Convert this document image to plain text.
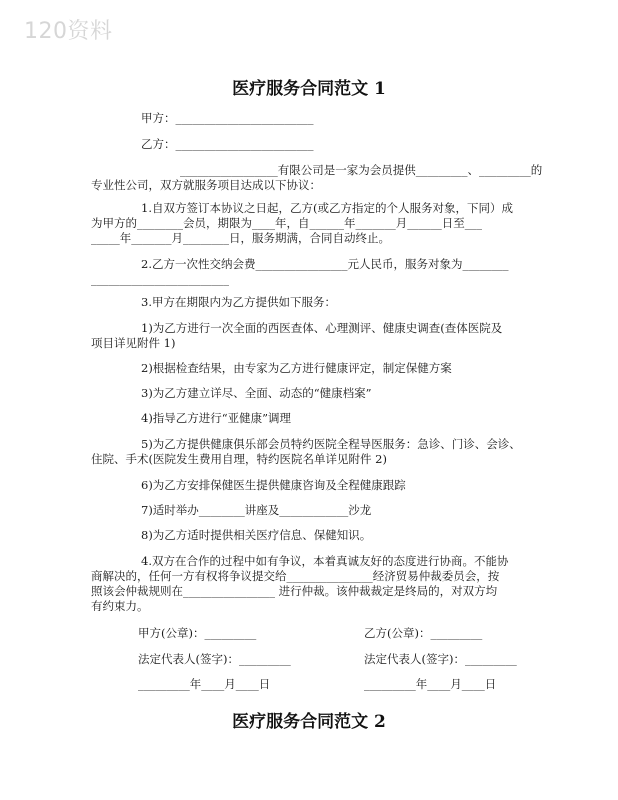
120资料
医疗服务合同范文 1
甲方：________________________
乙方：________________________
_________________有限公司是一家为会员提供_________、_________的
专业性公司，双方就服务项目达成以下协议：
1.自双方签订本协议之日起，乙方(或乙方指定的个人服务对象，下同）成
为甲方的________会员，期限为____年，自______年_______月______日至___
_____年_______月________日，服务期满，合同自动终止。
2.乙方一次性交纳会费________________元人民币，服务对象为________
________________________
3.甲方在期限内为乙方提供如下服务：
1)为乙方进行一次全面的西医查体、心理测评、健康史调查(查体医院及
项目详见附件 1)
2)根据检查结果，由专家为乙方进行健康评定，制定保健方案
3)为乙方建立详尽、全面、动态的“健康档案”
4)指导乙方进行“亚健康”调理
5)为乙方提供健康俱乐部会员特约医院全程导医服务：急诊、门诊、会诊、
住院、手术(医院发生费用自理，特约医院名单详见附件 2)
6)为乙方安排保健医生提供健康咨询及全程健康跟踪
7)适时举办________讲座及____________沙龙
8)为乙方适时提供相关医疗信息、保健知识。
4.双方在合作的过程中如有争议，本着真诚友好的态度进行协商。不能协
商解决的，任何一方有权将争议提交给_______________经济贸易仲裁委员会，按
照该会仲裁规则在________________ 进行仲裁。该仲裁裁定是终局的，对双方均
有约束力。
甲方(公章)：_________	乙方(公章)：_________
法定代表人(签字)：_________	法定代表人(签字)：_________
_________年____月____日	_________年____月____日
医疗服务合同范文 2
